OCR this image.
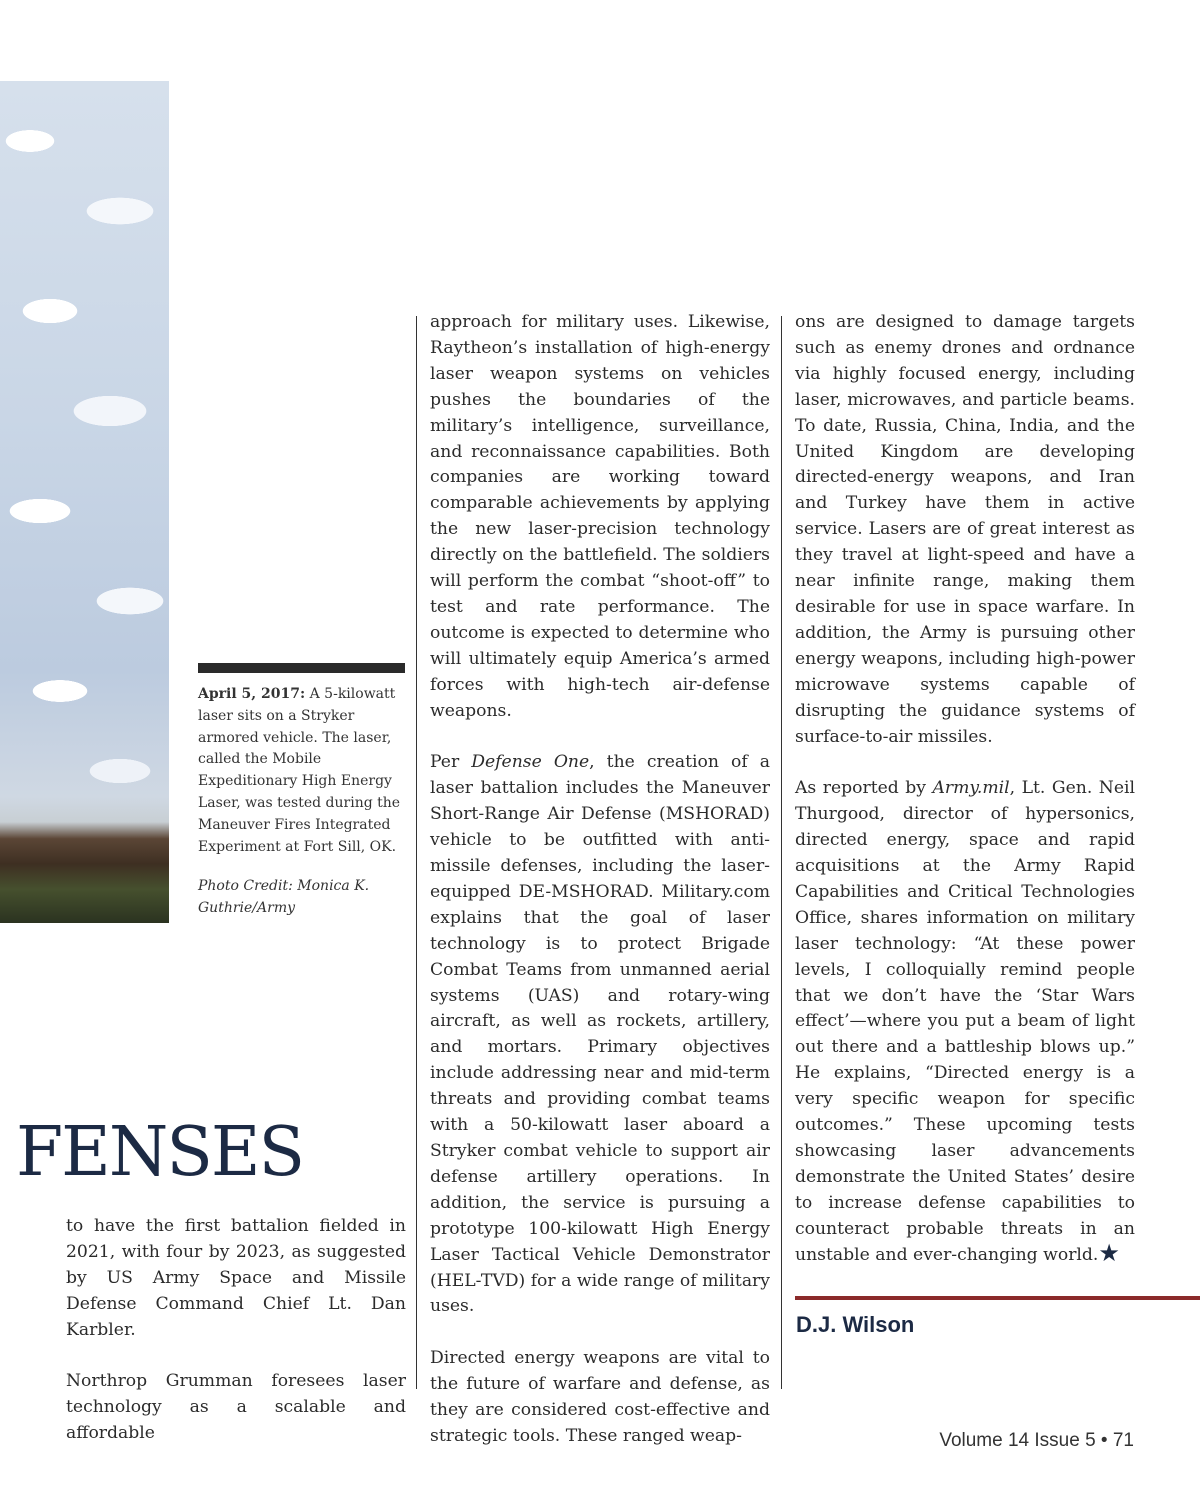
April 5, 2017: A 5-kilowatt laser sits on a Stryker armored vehicle. The laser, called the Mobile Expeditionary High Energy Laser, was tested during the Maneuver Fires Integrated Experiment at Fort Sill, OK.
Photo Credit: Monica K. Guthrie/Army
FENSES

to have the first battalion fielded in 2021, with four by 2023, as suggested by US Army Space and Missile Defense Command Chief Lt. Dan Karbler.

Northrop Grumman foresees laser technology as a scalable and affordable

approach for military uses. Likewise, Raytheon’s installation of high-energy laser weapon systems on vehicles pushes the boundaries of the military’s intelligence, surveillance, and reconnaissance capabilities. Both companies are working toward comparable achievements by applying the new laser-precision technology directly on the battlefield. The soldiers will perform the combat “shoot-off” to test and rate performance. The outcome is expected to determine who will ultimately equip America’s armed forces with high-tech air-defense weapons.

Per Defense One, the creation of a laser battalion includes the Maneuver Short-Range Air Defense (MSHORAD) vehicle to be outfitted with anti-missile defenses, including the laser-equipped DE-MSHORAD. Military.com explains that the goal of laser technology is to protect Brigade Combat Teams from unmanned aerial systems (UAS) and rotary-wing aircraft, as well as rockets, artillery, and mortars. Primary objectives include addressing near and mid-term threats and providing combat teams with a 50-kilowatt laser aboard a Stryker combat vehicle to support air defense artillery operations. In addition, the service is pursuing a prototype 100-kilowatt High Energy Laser Tactical Vehicle Demonstrator (HEL-TVD) for a wide range of military uses.

Directed energy weapons are vital to the future of warfare and defense, as they are considered cost-effective and strategic tools. These ranged weap-

ons are designed to damage targets such as enemy drones and ordnance via highly focused energy, including laser, microwaves, and particle beams. To date, Russia, China, India, and the United Kingdom are developing directed-energy weapons, and Iran and Turkey have them in active service. Lasers are of great interest as they travel at light-speed and have a near infinite range, making them desirable for use in space warfare. In addition, the Army is pursuing other energy weapons, including high-power microwave systems capable of disrupting the guidance systems of surface-to-air missiles.

As reported by Army.mil, Lt. Gen. Neil Thurgood, director of hypersonics, directed energy, space and rapid acquisitions at the Army Rapid Capabilities and Critical Technologies Office, shares information on military laser technology: “At these power levels, I colloquially remind people that we don’t have the ‘Star Wars effect’—where you put a beam of light out there and a battleship blows up.” He explains, “Directed energy is a very specific weapon for specific outcomes.” These upcoming tests showcasing laser advancements demonstrate the United States’ desire to increase defense capabilities to counteract probable threats in an unstable and ever-changing world.★

D.J. Wilson
Volume 14 Issue 5 • 71
